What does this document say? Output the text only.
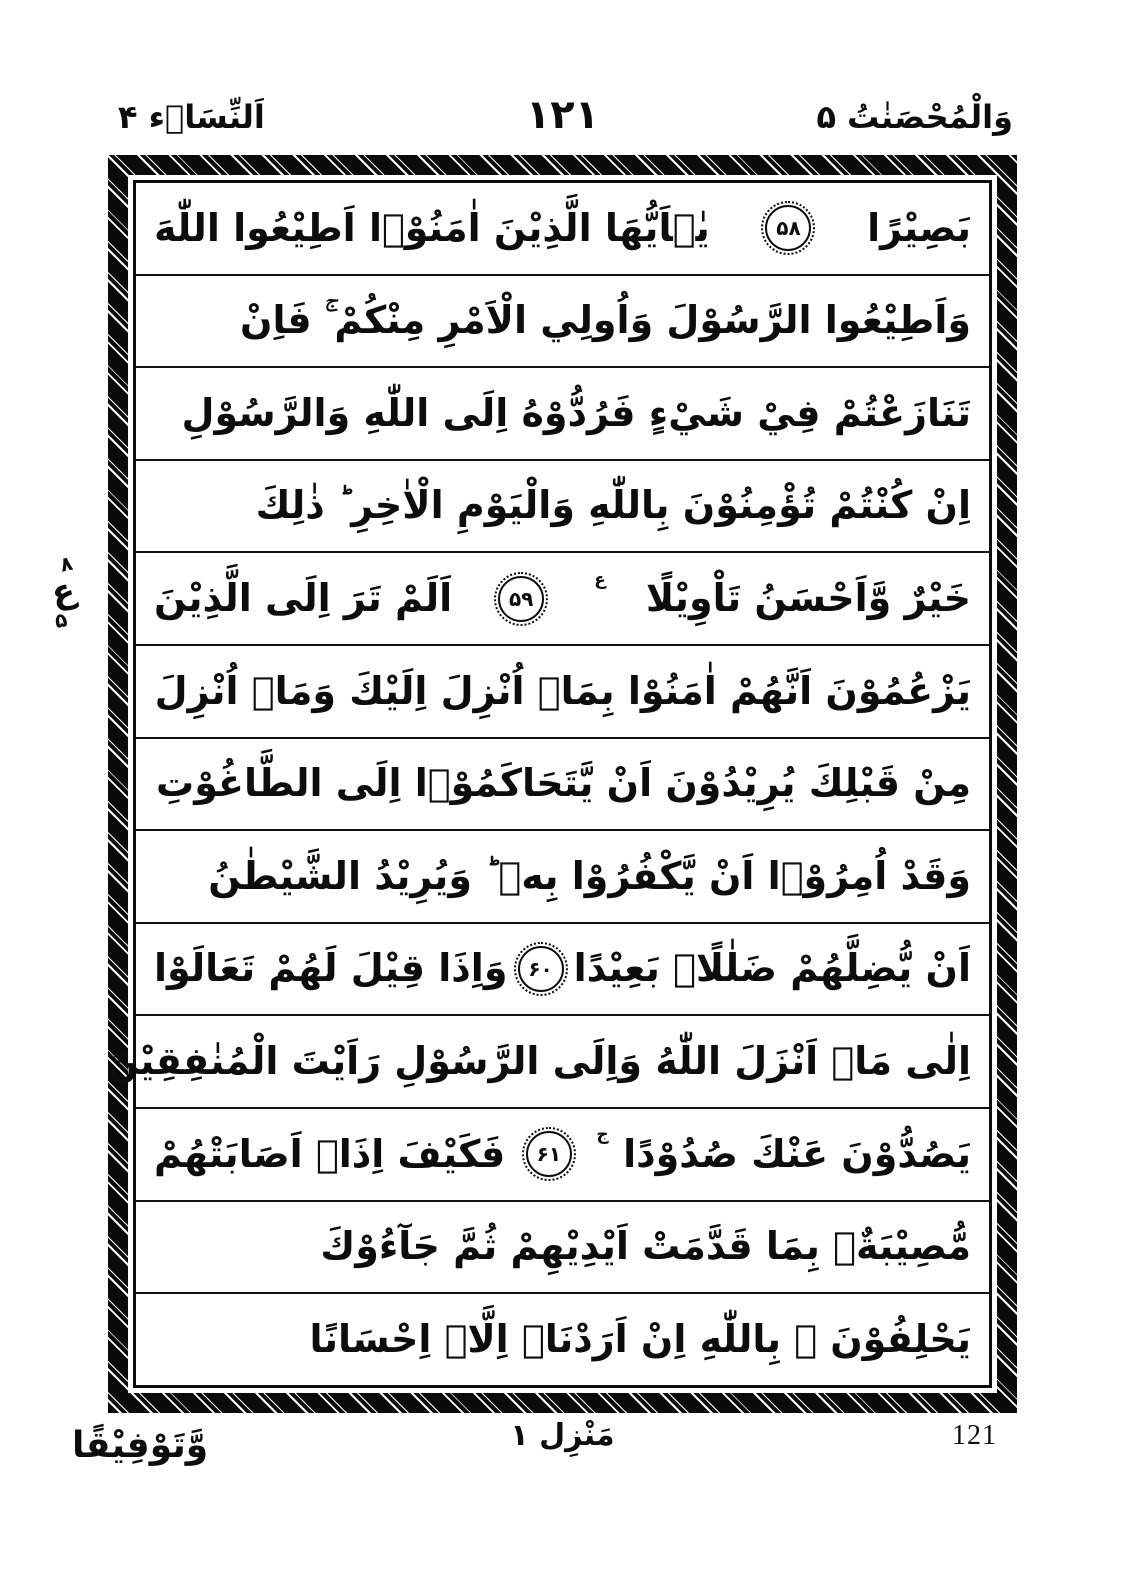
اَلنِّسَاۤء ۴	۱۲۱	وَالْمُحْصَنٰتُ ۵
۸
ع
۵
بَصِيْرًا
۵۸
يٰۤاَيُّهَا الَّذِيْنَ اٰمَنُوْۤا اَطِيْعُوا اللّٰهَ
وَاَطِيْعُوا الرَّسُوْلَ وَاُولِي الْاَمْرِ مِنْكُمْ ۚ فَاِنْ
تَنَازَعْتُمْ فِيْ شَيْءٍ فَرُدُّوْهُ اِلَى اللّٰهِ وَالرَّسُوْلِ
اِنْ كُنْتُمْ تُؤْمِنُوْنَ بِاللّٰهِ وَالْيَوْمِ الْاٰخِرِ ؕ ذٰلِكَ
خَيْرٌ وَّاَحْسَنُ تَاْوِيْلًا
ع
۵۹
اَلَمْ تَرَ اِلَى الَّذِيْنَ
يَزْعُمُوْنَ اَنَّهُمْ اٰمَنُوْا بِمَاۤ اُنْزِلَ اِلَيْكَ وَمَاۤ اُنْزِلَ
مِنْ قَبْلِكَ يُرِيْدُوْنَ اَنْ يَّتَحَاكَمُوْۤا اِلَى الطَّاغُوْتِ
وَقَدْ اُمِرُوْۤا اَنْ يَّكْفُرُوْا بِهٖ ؕ وَيُرِيْدُ الشَّيْطٰنُ
اَنْ يُّضِلَّهُمْ ضَلٰلًاۢ بَعِيْدًا
۶۰
وَاِذَا قِيْلَ لَهُمْ تَعَالَوْا
اِلٰى مَاۤ اَنْزَلَ اللّٰهُ وَاِلَى الرَّسُوْلِ رَاَيْتَ الْمُنٰفِقِيْنَ
يَصُدُّوْنَ عَنْكَ صُدُوْدًا
ج
۶۱
فَكَيْفَ اِذَاۤ اَصَابَتْهُمْ
مُّصِيْبَةٌۢ بِمَا قَدَّمَتْ اَيْدِيْهِمْ ثُمَّ جَآءُوْكَ
يَحْلِفُوْنَ ۖ بِاللّٰهِ اِنْ اَرَدْنَاۤ اِلَّاۤ اِحْسَانًا
مَنْزِل ۱	121
وَّتَوْفِيْقًا
